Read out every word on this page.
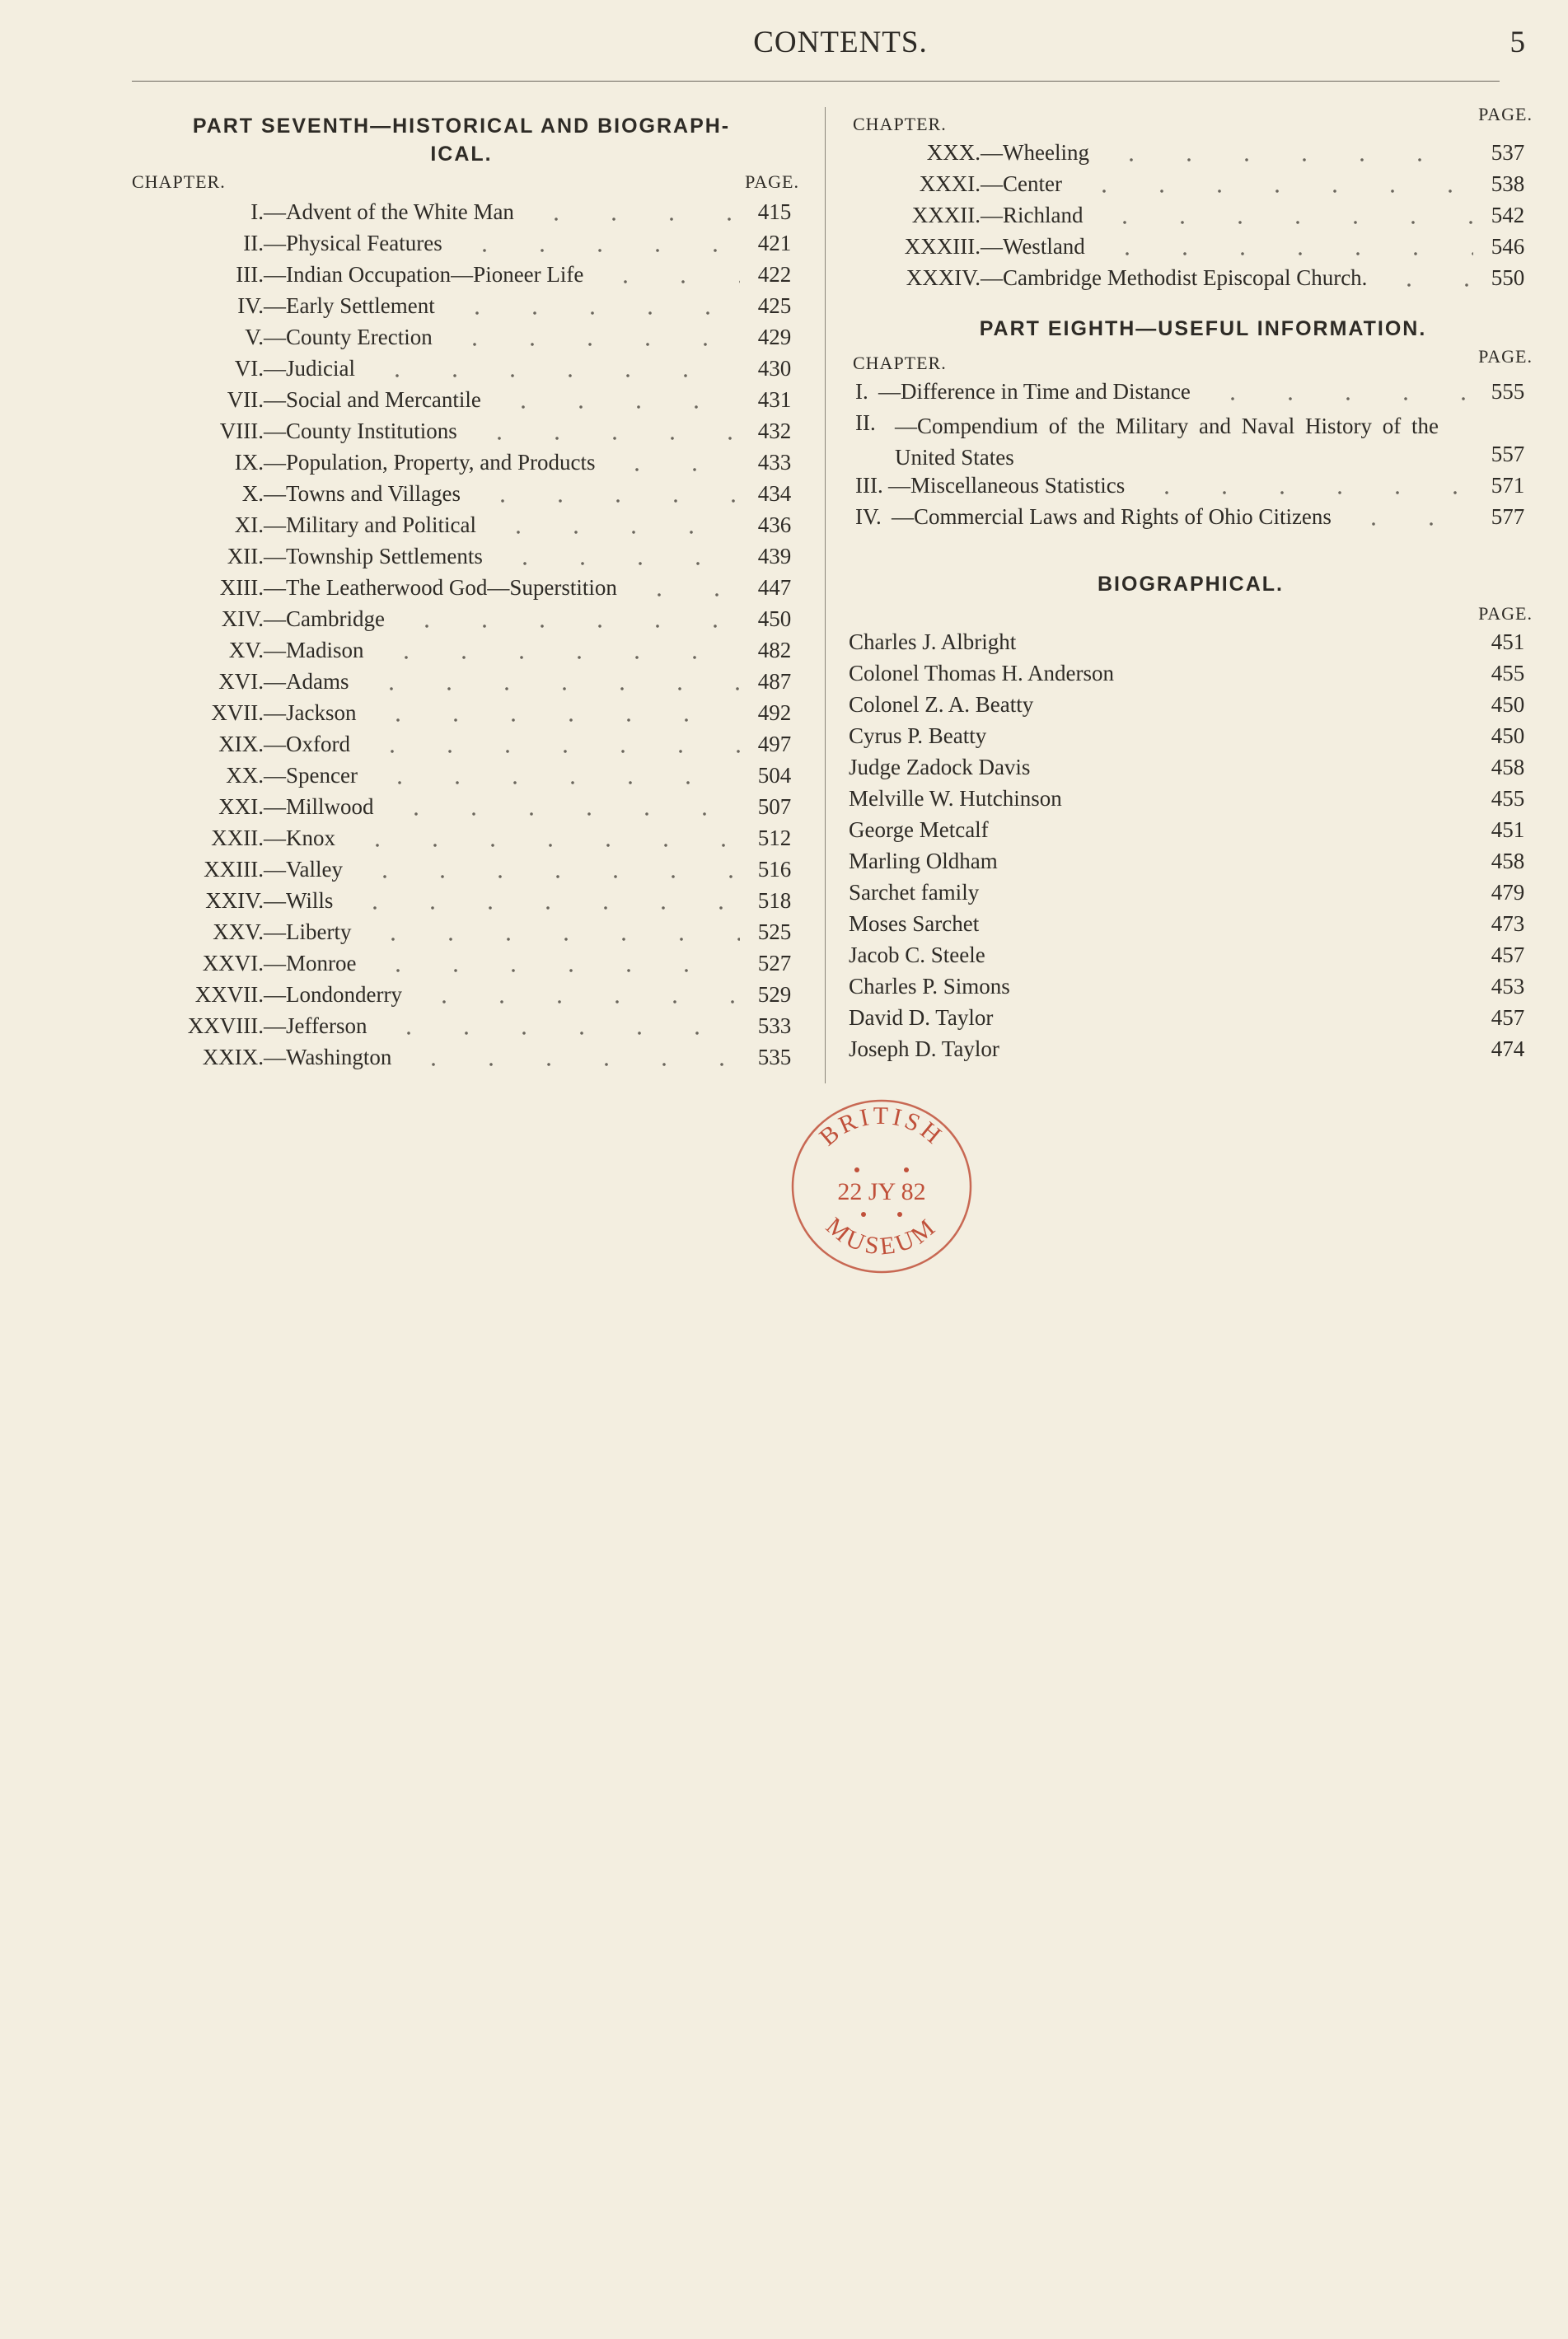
CONTENTS.	5
PART SEVENTH—HISTORICAL AND BIOGRAPH-
ICAL.
CHAPTER.	PAGE.
I. —Advent of the White Man	415
II. —Physical Features	421
III. —Indian Occupation—Pioneer Life	422
IV. —Early Settlement	425
V. —County Erection	429
VI. —Judicial	430
VII. —Social and Mercantile	431
VIII. —County Institutions	432
IX. —Population, Property, and Products	433
X. —Towns and Villages	434
XI. —Military and Political	436
XII. —Township Settlements	439
XIII. —The Leatherwood God—Superstition	447
XIV. —Cambridge	450
XV. —Madison	482
XVI. —Adams	487
XVII. —Jackson	492
XIX. —Oxford	497
XX. —Spencer	504
XXI. —Millwood	507
XXII. —Knox	512
XXIII. —Valley	516
XXIV. —Wills	518
XXV. —Liberty	525
XXVI. —Monroe	527
XXVII. —Londonderry	529
XXVIII. —Jefferson	533
XXIX. —Washington	535
CHAPTER.	PAGE.
XXX. —Wheeling	537
XXXI. —Center	538
XXXII. —Richland	542
XXXIII. —Westland	546
XXXIV. —Cambridge Methodist Episcopal Church.	550
PART EIGHTH—USEFUL INFORMATION.
CHAPTER.	PAGE.
I. —Difference in Time and Distance	555
II. —Compendium of the Military and Naval History of the United States	557
III. —Miscellaneous Statistics	571
IV. —Commercial Laws and Rights of Ohio Citizens	577
BIOGRAPHICAL.
PAGE.
Charles J. Albright	451
Colonel Thomas H. Anderson	455
Colonel Z. A. Beatty	450
Cyrus P. Beatty	450
Judge Zadock Davis	458
Melville W. Hutchinson	455
George Metcalf	451
Marling Oldham	458
Sarchet family	479
Moses Sarchet	473
Jacob C. Steele	457
Charles P. Simons	453
David D. Taylor	457
Joseph D. Taylor	474
BRITISH
22 JY 82
MUSEUM
